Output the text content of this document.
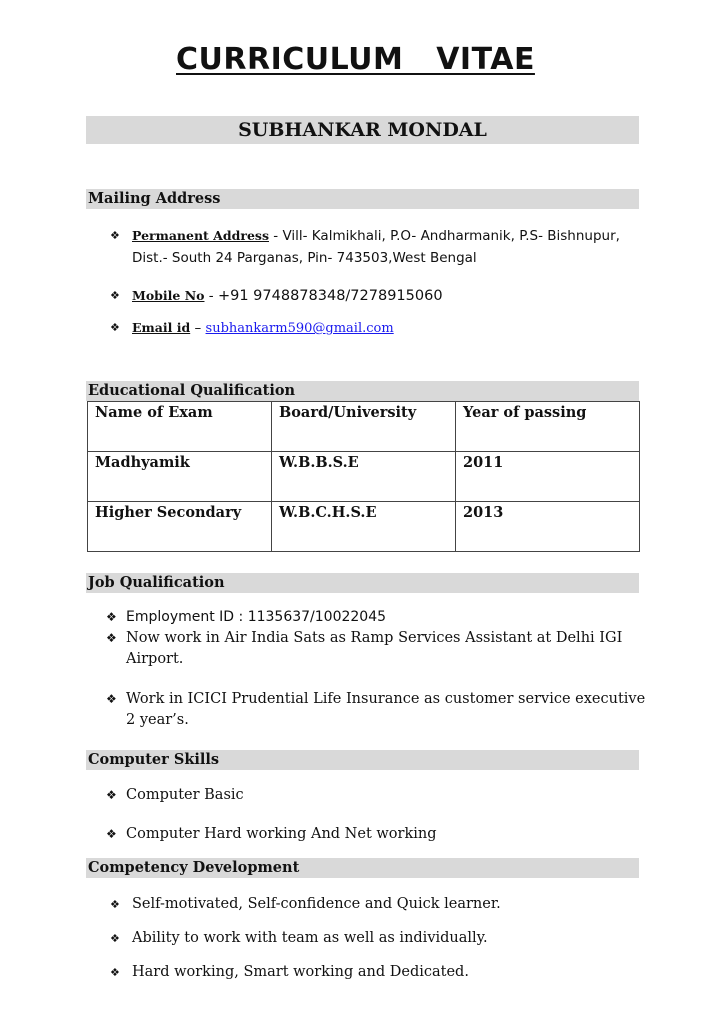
CURRICULUM   VITAE
SUBHANKAR MONDAL
Mailing Address
❖ Permanent Address - Vill- Kalmikhali, P.O- Andharmanik, P.S- Bishnupur,
Dist.- South 24 Parganas, Pin- 743503,West Bengal
❖ Mobile No - +91 9748878348/7278915060
❖ Email id – subhankarm590@gmail.com
Educational Qualification
Name of Exam	Board/University	Year of passing
Madhyamik	W.B.B.S.E	2011
Higher Secondary	W.B.C.H.S.E	2013
Job Qualification
❖ Employment ID : 1135637/10022045
❖ Now work in Air India Sats as Ramp Services Assistant at Delhi IGI
Airport.
❖ Work in ICICI Prudential Life Insurance as customer service executive
2 year’s.
Computer Skills
❖ Computer Basic
❖ Computer Hard working And Net working
Competency Development
❖ Self-motivated, Self-confidence and Quick learner.
❖ Ability to work with team as well as individually.
❖ Hard working, Smart working and Dedicated.
